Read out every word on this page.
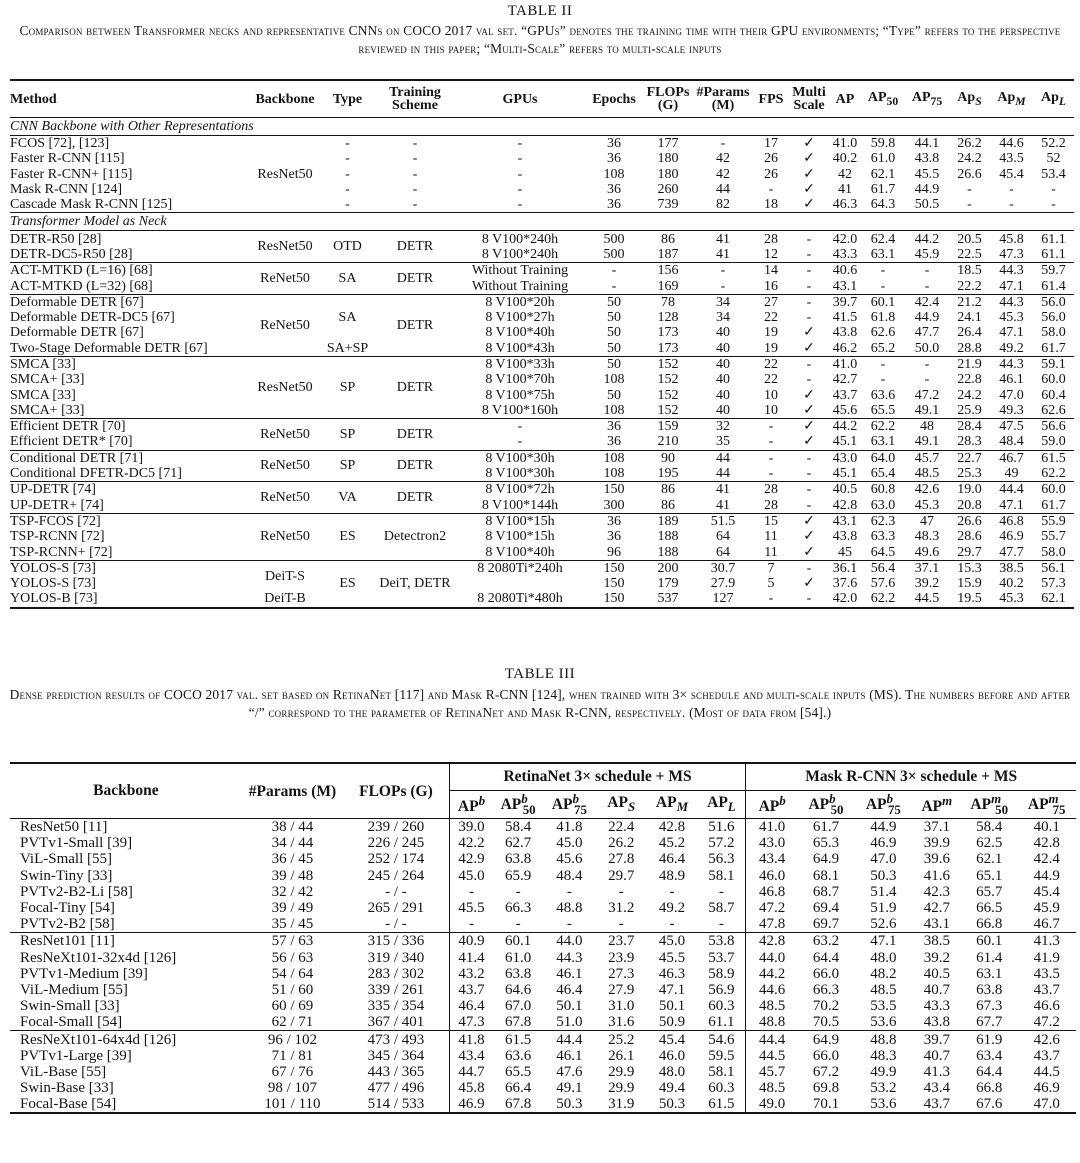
TABLE II
Comparison between Transformer necks and representative CNNs on COCO 2017 val set. “GPUs” denotes the training time with their GPU environments; “Type” refers to the perspective reviewed in this paper; “Multi-Scale” refers to multi-scale inputs
Method	Backbone	Type	Training Scheme	GPUs	Epochs	FLOPs (G)	#Params (M)	FPS	Multi Scale	AP	$AP_{50}$	$AP_{75}$	$Ap_S$	$Ap_M$	$Ap_L$
CNN Backbone with Other Representations															
FCOS [72], [123]	ResNet50	-	-	-	36	177	-	17	✓	41.0	59.8	44.1	26.2	44.6	52.2
Faster R-CNN [115]		-	-	-	36	180	42	26	✓	40.2	61.0	43.8	24.2	43.5	52
Faster R-CNN+ [115]		-	-	-	108	180	42	26	✓	42	62.1	45.5	26.6	45.4	53.4
Mask R-CNN [124]		-	-	-	36	260	44	-	✓	41	61.7	44.9	-	-	-
Cascade Mask R-CNN [125]		-	-	-	36	739	82	18	✓	46.3	64.3	50.5	-	-	-
Transformer Model as Neck															
DETR-R50 [28]	ResNet50	OTD	DETR	8 V100*240h	500	86	41	28	-	42.0	62.4	44.2	20.5	45.8	61.1
DETR-DC5-R50 [28]				8 V100*240h	500	187	41	12	-	43.3	63.1	45.9	22.5	47.3	61.1
ACT-MTKD (L=16) [68]	ReNet50	SA	DETR	Without Training	-	156	-	14	-	40.6	-	-	18.5	44.3	59.7
ACT-MTKD (L=32) [68]				Without Training	-	169	-	16	-	43.1	-	-	22.2	47.1	61.4
Deformable DETR [67]	ReNet50	SA	DETR	8 V100*20h	50	78	34	27	-	39.7	60.1	42.4	21.2	44.3	56.0
Deformable DETR-DC5 [67]				8 V100*27h	50	128	34	22	-	41.5	61.8	44.9	24.1	45.3	56.0
Deformable DETR [67]				8 V100*40h	50	173	40	19	✓	43.8	62.6	47.7	26.4	47.1	58.0
Two-Stage Deformable DETR [67]		SA+SP		8 V100*43h	50	173	40	19	✓	46.2	65.2	50.0	28.8	49.2	61.7
SMCA [33]	ResNet50	SP	DETR	8 V100*33h	50	152	40	22	-	41.0	-	-	21.9	44.3	59.1
SMCA+ [33]				8 V100*70h	108	152	40	22	-	42.7	-	-	22.8	46.1	60.0
SMCA [33]				8 V100*75h	50	152	40	10	✓	43.7	63.6	47.2	24.2	47.0	60.4
SMCA+ [33]				8 V100*160h	108	152	40	10	✓	45.6	65.5	49.1	25.9	49.3	62.6
Efficient DETR [70]	ReNet50	SP	DETR	-	36	159	32	-	✓	44.2	62.2	48	28.4	47.5	56.6
Efficient DETR* [70]				-	36	210	35	-	✓	45.1	63.1	49.1	28.3	48.4	59.0
Conditional DETR [71]	ReNet50	SP	DETR	8 V100*30h	108	90	44	-	-	43.0	64.0	45.7	22.7	46.7	61.5
Conditional DFETR-DC5 [71]				8 V100*30h	108	195	44	-	-	45.1	65.4	48.5	25.3	49	62.2
UP-DETR [74]	ReNet50	VA	DETR	8 V100*72h	150	86	41	28	-	40.5	60.8	42.6	19.0	44.4	60.0
UP-DETR+ [74]				8 V100*144h	300	86	41	28	-	42.8	63.0	45.3	20.8	47.1	61.7
TSP-FCOS [72]	ReNet50	ES	Detectron2	8 V100*15h	36	189	51.5	15	✓	43.1	62.3	47	26.6	46.8	55.9
TSP-RCNN [72]				8 V100*15h	36	188	64	11	✓	43.8	63.3	48.3	28.6	46.9	55.7
TSP-RCNN+ [72]				8 V100*40h	96	188	64	11	✓	45	64.5	49.6	29.7	47.7	58.0
YOLOS-S [73]	DeiT-S	ES	DeiT, DETR	8 2080Ti*240h	150	200	30.7	7	-	36.1	56.4	37.1	15.3	38.5	56.1
YOLOS-S [73]					150	179	27.9	5	✓	37.6	57.6	39.2	15.9	40.2	57.3
YOLOS-B [73]	DeiT-B			8 2080Ti*480h	150	537	127	-	-	42.0	62.2	44.5	19.5	45.3	62.1
TABLE III
Dense prediction results of COCO 2017 val. set based on RetinaNet [117] and Mask R-CNN [124], when trained with 3× schedule and multi-scale inputs (MS). The numbers before and after “/” correspond to the parameter of RetinaNet and Mask R-CNN, respectively. (Most of data from [54].)
Backbone	#Params (M)	FLOPs (G)	RetinaNet 3× schedule + MS						Mask R-CNN 3× schedule + MS					
			$AP^b$	$AP^b_{50}$	$AP^b_{75}$	$AP_S$	$AP_M$	$AP_L$	$AP^b$	$AP^b_{50}$	$AP^b_{75}$	$AP^m$	$AP^m_{50}$	$AP^m_{75}$
ResNet50 [11]	38 / 44	239 / 260	39.0	58.4	41.8	22.4	42.8	51.6	41.0	61.7	44.9	37.1	58.4	40.1
PVTv1-Small [39]	34 / 44	226 / 245	42.2	62.7	45.0	26.2	45.2	57.2	43.0	65.3	46.9	39.9	62.5	42.8
ViL-Small [55]	36 / 45	252 / 174	42.9	63.8	45.6	27.8	46.4	56.3	43.4	64.9	47.0	39.6	62.1	42.4
Swin-Tiny [33]	39 / 48	245 / 264	45.0	65.9	48.4	29.7	48.9	58.1	46.0	68.1	50.3	41.6	65.1	44.9
PVTv2-B2-Li [58]	32 / 42	- / -	-	-	-	-	-	-	46.8	68.7	51.4	42.3	65.7	45.4
Focal-Tiny [54]	39 / 49	265 / 291	45.5	66.3	48.8	31.2	49.2	58.7	47.2	69.4	51.9	42.7	66.5	45.9
PVTv2-B2 [58]	35 / 45	- / -	-	-	-	-	-	-	47.8	69.7	52.6	43.1	66.8	46.7
ResNet101 [11]	57 / 63	315 / 336	40.9	60.1	44.0	23.7	45.0	53.8	42.8	63.2	47.1	38.5	60.1	41.3
ResNeXt101-32x4d [126]	56 / 63	319 / 340	41.4	61.0	44.3	23.9	45.5	53.7	44.0	64.4	48.0	39.2	61.4	41.9
PVTv1-Medium [39]	54 / 64	283 / 302	43.2	63.8	46.1	27.3	46.3	58.9	44.2	66.0	48.2	40.5	63.1	43.5
ViL-Medium [55]	51 / 60	339 / 261	43.7	64.6	46.4	27.9	47.1	56.9	44.6	66.3	48.5	40.7	63.8	43.7
Swin-Small [33]	60 / 69	335 / 354	46.4	67.0	50.1	31.0	50.1	60.3	48.5	70.2	53.5	43.3	67.3	46.6
Focal-Small [54]	62 / 71	367 / 401	47.3	67.8	51.0	31.6	50.9	61.1	48.8	70.5	53.6	43.8	67.7	47.2
ResNeXt101-64x4d [126]	96 / 102	473 / 493	41.8	61.5	44.4	25.2	45.4	54.6	44.4	64.9	48.8	39.7	61.9	42.6
PVTv1-Large [39]	71 / 81	345 / 364	43.4	63.6	46.1	26.1	46.0	59.5	44.5	66.0	48.3	40.7	63.4	43.7
ViL-Base [55]	67 / 76	443 / 365	44.7	65.5	47.6	29.9	48.0	58.1	45.7	67.2	49.9	41.3	64.4	44.5
Swin-Base [33]	98 / 107	477 / 496	45.8	66.4	49.1	29.9	49.4	60.3	48.5	69.8	53.2	43.4	66.8	46.9
Focal-Base [54]	101 / 110	514 / 533	46.9	67.8	50.3	31.9	50.3	61.5	49.0	70.1	53.6	43.7	67.6	47.0
